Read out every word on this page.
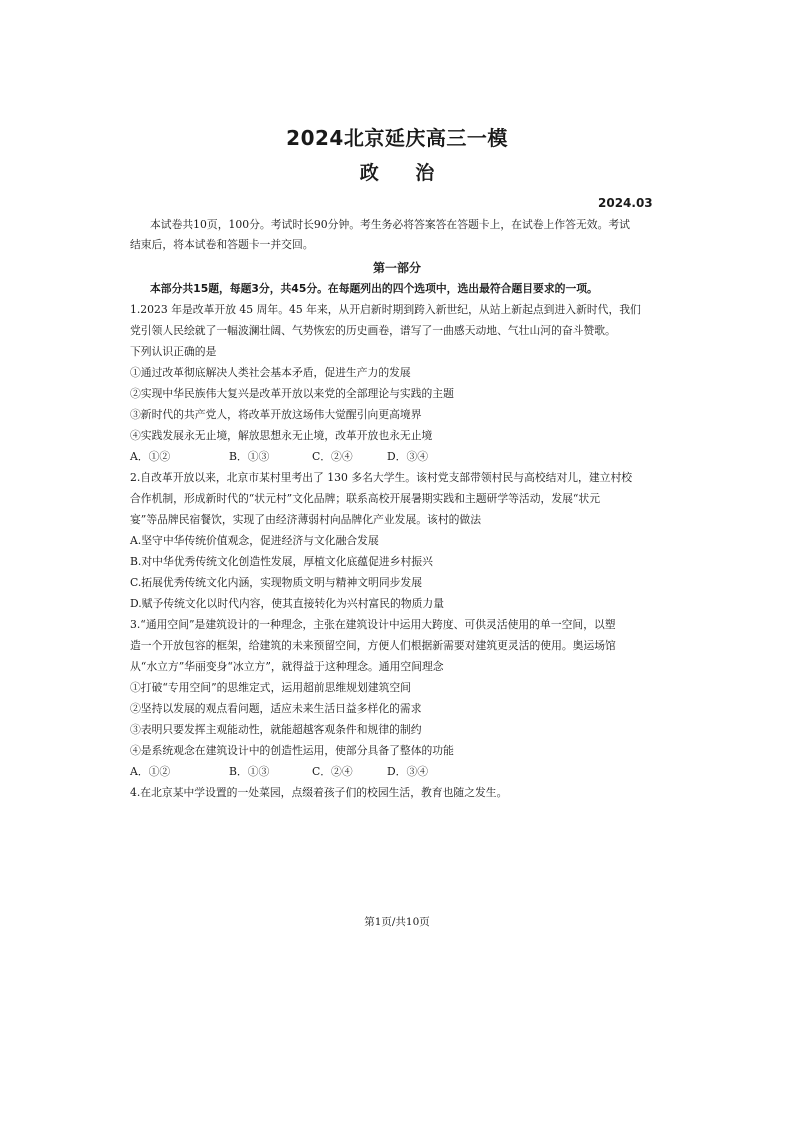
2024北京延庆高三一模
政 治
2024.03
本试卷共10页，100分。考试时长90分钟。考生务必将答案答在答题卡上，在试卷上作答无效。考试
结束后，将本试卷和答题卡一并交回。
第一部分
本部分共15题，每题3分，共45分。在每题列出的四个选项中，选出最符合题目要求的一项。
1.2023 年是改革开放 45 周年。45 年来，从开启新时期到跨入新世纪，从站上新起点到进入新时代，我们
党引领人民绘就了一幅波澜壮阔、气势恢宏的历史画卷，谱写了一曲感天动地、气壮山河的奋斗赞歌。
下列认识正确的是
①通过改革彻底解决人类社会基本矛盾，促进生产力的发展
②实现中华民族伟大复兴是改革开放以来党的全部理论与实践的主题
③新时代的共产党人，将改革开放这场伟大觉醒引向更高境界
④实践发展永无止境，解放思想永无止境，改革开放也永无止境
A．①②	B．①③	C．②④	D．③④
2.自改革开放以来，北京市某村里考出了 130 多名大学生。该村党支部带领村民与高校结对儿，建立村校
合作机制，形成新时代的“状元村”文化品牌；联系高校开展暑期实践和主题研学等活动，发展“状元
宴”等品牌民宿餐饮，实现了由经济薄弱村向品牌化产业发展。该村的做法
A.坚守中华传统价值观念，促进经济与文化融合发展
B.对中华优秀传统文化创造性发展，厚植文化底蕴促进乡村振兴
C.拓展优秀传统文化内涵，实现物质文明与精神文明同步发展
D.赋予传统文化以时代内容，使其直接转化为兴村富民的物质力量
3.“通用空间”是建筑设计的一种理念，主张在建筑设计中运用大跨度、可供灵活使用的单一空间，以塑
造一个开放包容的框架，给建筑的未来预留空间，方便人们根据新需要对建筑更灵活的使用。奥运场馆
从“水立方”华丽变身“冰立方”，就得益于这种理念。通用空间理念
①打破“专用空间”的思维定式，运用超前思维规划建筑空间
②坚持以发展的观点看问题，适应未来生活日益多样化的需求
③表明只要发挥主观能动性，就能超越客观条件和规律的制约
④是系统观念在建筑设计中的创造性运用，使部分具备了整体的功能
A．①②	B．①③	C．②④	D．③④
4.在北京某中学设置的一处菜园，点缀着孩子们的校园生活，教育也随之发生。
第1页/共10页
